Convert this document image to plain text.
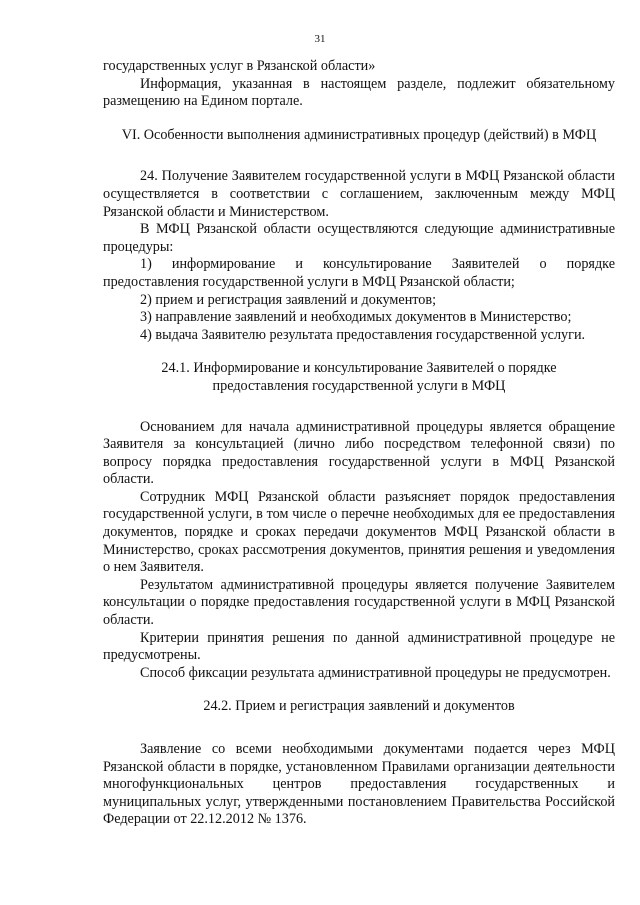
31

государственных услуг в Рязанской области»

Информация, указанная в настоящем разделе, подлежит обязательному размещению на Едином портале.

VI. Особенности выполнения административных процедур (действий) в МФЦ

24. Получение Заявителем государственной услуги в МФЦ Рязанской области осуществляется в соответствии с соглашением, заключенным между МФЦ Рязанской области и Министерством.

В МФЦ Рязанской области осуществляются следующие административные процедуры:

1) информирование и консультирование Заявителей о порядке предоставления государственной услуги в МФЦ Рязанской области;

2) прием и регистрация заявлений и документов;

3) направление заявлений и необходимых документов в Министерство;

4) выдача Заявителю результата предоставления государственной услуги.

24.1. Информирование и консультирование Заявителей о порядке предоставления государственной услуги в МФЦ

Основанием для начала административной процедуры является обращение Заявителя за консультацией (лично либо посредством телефонной связи) по вопросу порядка предоставления государственной услуги в МФЦ Рязанской области.

Сотрудник МФЦ Рязанской области разъясняет порядок предоставления государственной услуги, в том числе о перечне необходимых для ее предоставления документов, порядке и сроках передачи документов МФЦ Рязанской области в Министерство, сроках рассмотрения документов, принятия решения и уведомления о нем Заявителя.

Результатом административной процедуры является получение Заявителем консультации о порядке предоставления государственной услуги в МФЦ Рязанской области.

Критерии принятия решения по данной административной процедуре не предусмотрены.

Способ фиксации результата административной процедуры не предусмотрен.

24.2. Прием и регистрация заявлений и документов

Заявление со всеми необходимыми документами подается через МФЦ Рязанской области в порядке, установленном Правилами организации деятельности многофункциональных центров предоставления государственных и муниципальных услуг, утвержденными постановлением Правительства Российской Федерации от 22.12.2012 № 1376.
